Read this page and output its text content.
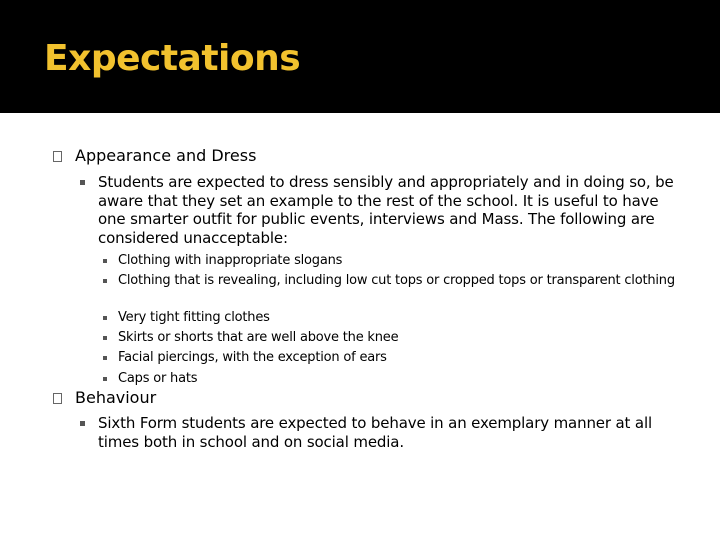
Expectations
Appearance and Dress
Students are expected to dress sensibly and appropriately and in doing so, be aware that they set an example to the rest of the school. It is useful to have one smarter outfit for public events, interviews and Mass. The following are considered unacceptable:
Clothing with inappropriate slogans
Clothing that is revealing, including low cut tops or cropped tops or transparent clothing
Very tight fitting clothes
Skirts or shorts that are well above the knee
Facial piercings, with the exception of ears
Caps or hats
Behaviour
Sixth Form students are expected to behave in an exemplary manner at all times both in school and on social media.
